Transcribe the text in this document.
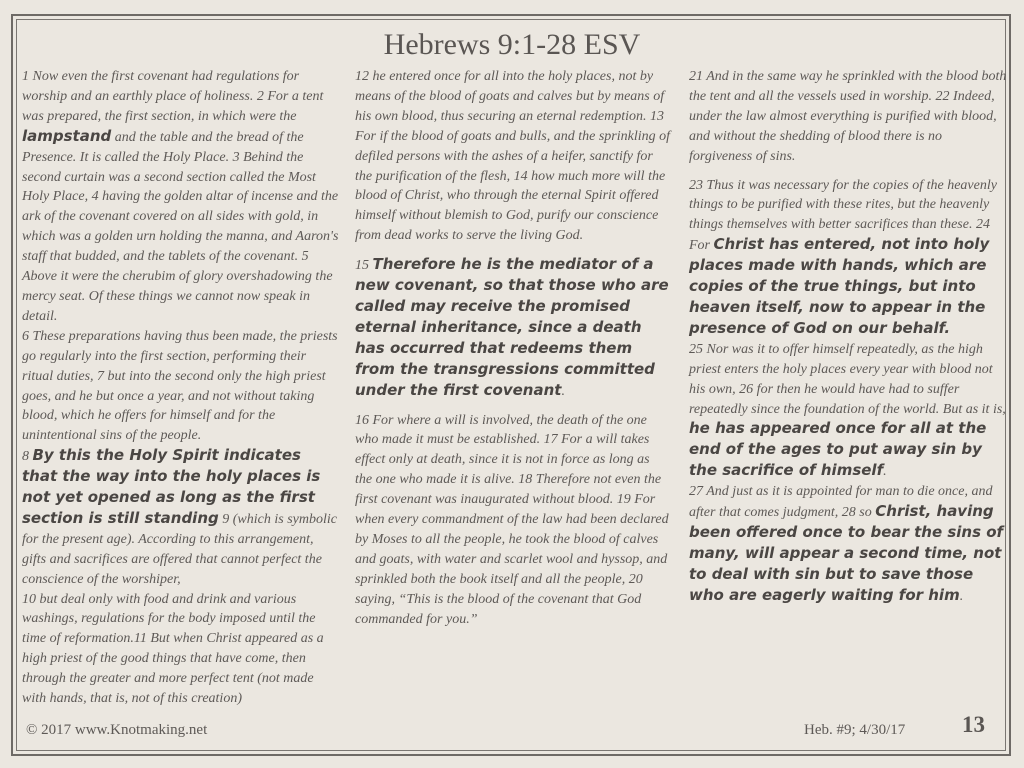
Hebrews 9:1-28 ESV
1 Now even the first covenant had regulations for worship and an earthly place of holiness. 2 For a tent was prepared, the first section, in which were the lampstand and the table and the bread of the Presence. It is called the Holy Place. 3 Behind the second curtain was a second section called the Most Holy Place, 4 having the golden altar of incense and the ark of the covenant covered on all sides with gold, in which was a golden urn holding the manna, and Aaron's staff that budded, and the tablets of the covenant. 5 Above it were the cherubim of glory overshadowing the mercy seat. Of these things we cannot now speak in detail.
6 These preparations having thus been made, the priests go regularly into the first section, performing their ritual duties, 7 but into the second only the high priest goes, and he but once a year, and not without taking blood, which he offers for himself and for the unintentional sins of the people.
8 By this the Holy Spirit indicates that the way into the holy places is not yet opened as long as the first section is still standing 9 (which is symbolic for the present age). According to this arrangement, gifts and sacrifices are offered that cannot perfect the conscience of the worshiper,
10 but deal only with food and drink and various washings, regulations for the body imposed until the time of reformation.11 But when Christ appeared as a high priest of the good things that have come, then through the greater and more perfect tent (not made with hands, that is, not of this creation)

12 he entered once for all into the holy places, not by means of the blood of goats and calves but by means of his own blood, thus securing an eternal redemption. 13 For if the blood of goats and bulls, and the sprinkling of defiled persons with the ashes of a heifer, sanctify for the purification of the flesh, 14 how much more will the blood of Christ, who through the eternal Spirit offered himself without blemish to God, purify our conscience from dead works to serve the living God.

15 Therefore he is the mediator of a new covenant, so that those who are called may receive the promised eternal inheritance, since a death has occurred that redeems them from the transgressions committed under the first covenant.

16 For where a will is involved, the death of the one who made it must be established. 17 For a will takes effect only at death, since it is not in force as long as the one who made it is alive. 18 Therefore not even the first covenant was inaugurated without blood. 19 For when every commandment of the law had been declared by Moses to all the people, he took the blood of calves and goats, with water and scarlet wool and hyssop, and sprinkled both the book itself and all the people, 20 saying, “This is the blood of the covenant that God commanded for you.”

21 And in the same way he sprinkled with the blood both the tent and all the vessels used in worship. 22 Indeed, under the law almost everything is purified with blood, and without the shedding of blood there is no forgiveness of sins.

23 Thus it was necessary for the copies of the heavenly things to be purified with these rites, but the heavenly things themselves with better sacrifices than these. 24 For Christ has entered, not into holy places made with hands, which are copies of the true things, but into heaven itself, now to appear in the presence of God on our behalf.
25 Nor was it to offer himself repeatedly, as the high priest enters the holy places every year with blood not his own, 26 for then he would have had to suffer repeatedly since the foundation of the world. But as it is, he has appeared once for all at the end of the ages to put away sin by the sacrifice of himself.
27 And just as it is appointed for man to die once, and after that comes judgment, 28 so Christ, having been offered once to bear the sins of many, will appear a second time, not to deal with sin but to save those who are eagerly waiting for him.
© 2017 www.Knotmaking.net	Heb. #9; 4/30/17 13
